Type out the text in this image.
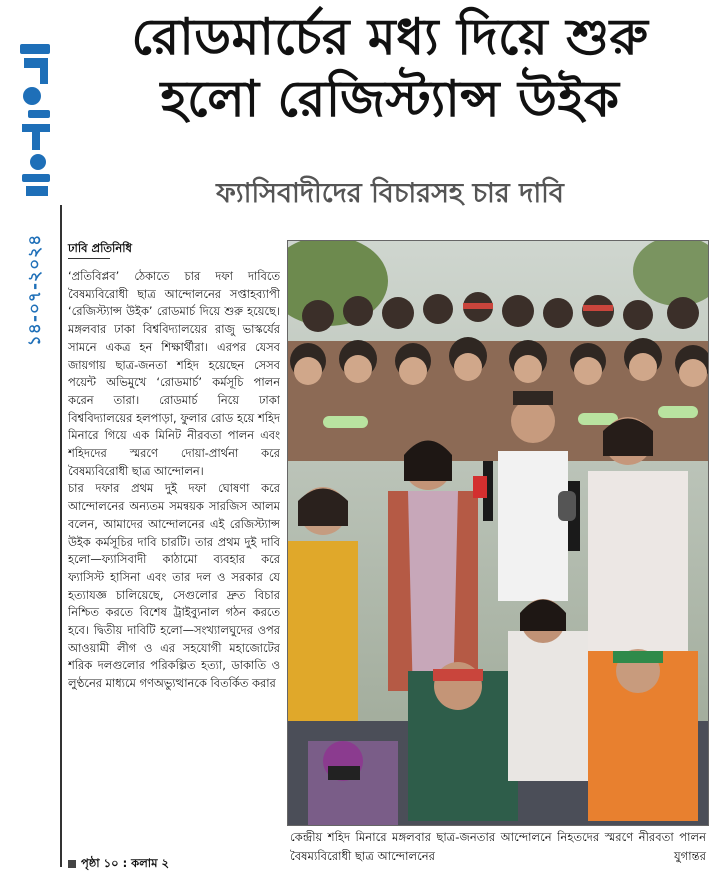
১৪-০৭-২০২৪
রোডমার্চের মধ্য দিয়ে শুরু
হলো রেজিস্ট্যান্স উইক
ফ্যাসিবাদীদের বিচারসহ চার দাবি
ঢাবি প্রতিনিধি

‘প্রতিবিপ্লব’ ঠেকাতে চার দফা দাবিতে বৈষম্যবিরোধী ছাত্র আন্দোলনের সপ্তাহব্যাপী ‘রেজিস্ট্যান্স উইক’ রোডমার্চ দিয়ে শুরু হয়েছে। মঙ্গলবার ঢাকা বিশ্ববিদ্যালয়ের রাজু ভাস্কর্যের সামনে একত্র হন শিক্ষার্থীরা। এরপর যেসব জায়গায় ছাত্র-জনতা শহিদ হয়েছেন সেসব পয়েন্ট অভিমুখে ‘রোডমার্চ’ কর্মসূচি পালন করেন তারা। রোডমার্চ নিয়ে ঢাকা বিশ্ববিদ্যালয়ের হলপাড়া, ফুলার রোড হয়ে শহিদ মিনারে গিয়ে এক মিনিট নীরবতা পালন এবং শহিদদের স্মরণে দোয়া-প্রার্থনা করে বৈষম্যবিরোধী ছাত্র আন্দোলন।

চার দফার প্রথম দুই দফা ঘোষণা করে আন্দোলনের অন্যতম সমন্বয়ক সারজিস আলম বলেন, আমাদের আন্দোলনের এই রেজিস্ট্যান্স উইক কর্মসূচির দাবি চারটি। তার প্রথম দুই দাবি হলো—ফ্যাসিবাদী কাঠামো ব্যবহার করে ফ্যাসিস্ট হাসিনা এবং তার দল ও সরকার যে হত্যাযজ্ঞ চালিয়েছে, সেগুলোর দ্রুত বিচার নিশ্চিত করতে বিশেষ ট্রাইব্যুনাল গঠন করতে হবে। দ্বিতীয় দাবিটি হলো—সংখ্যালঘুদের ওপর আওয়ামী লীগ ও এর সহযোগী মহাজোটের শরিক দলগুলোর পরিকল্পিত হত্যা, ডাকাতি ও লুণ্ঠনের মাধ্যমে গণঅভ্যুত্থানকে বিতর্কিত করার

পৃষ্ঠা ১০ : কলাম ২
কেন্দ্রীয় শহিদ মিনারে মঙ্গলবার ছাত্র-জনতার আন্দোলনে নিহতদের স্মরণে নীরবতা পালন বৈষম্যবিরোধী ছাত্র আন্দোলনের	যুগান্তর
